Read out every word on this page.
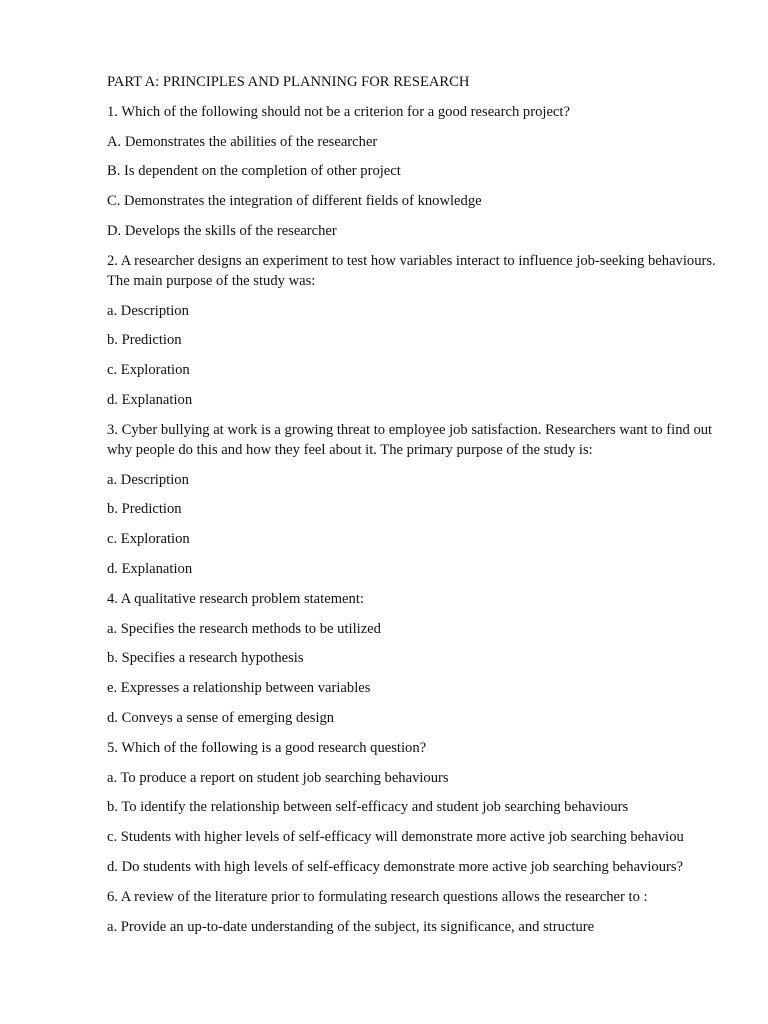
PART A: PRINCIPLES AND PLANNING FOR RESEARCH
1. Which of the following should not be a criterion for a good research project?
A. Demonstrates the abilities of the researcher
B. Is dependent on the completion of other project
C. Demonstrates the integration of different fields of knowledge
D. Develops the skills of the researcher
2. A researcher designs an experiment to test how variables interact to influence job-seeking behaviours. The main purpose of the study was:
a. Description
b. Prediction
c. Exploration
d. Explanation
3. Cyber bullying at work is a growing threat to employee job satisfaction. Researchers want to find out why people do this and how they feel about it. The primary purpose of the study is:
a. Description
b. Prediction
c. Exploration
d. Explanation
4. A qualitative research problem statement:
a. Specifies the research methods to be utilized
b. Specifies a research hypothesis
e. Expresses a relationship between variables
d. Conveys a sense of emerging design
5. Which of the following is a good research question?
a. To produce a report on student job searching behaviours
b. To identify the relationship between self-efficacy and student job searching behaviours
c. Students with higher levels of self-efficacy will demonstrate more active job searching behaviou
d. Do students with high levels of self-efficacy demonstrate more active job searching behaviours?
6. A review of the literature prior to formulating research questions allows the researcher to :
a. Provide an up-to-date understanding of the subject, its significance, and structure
